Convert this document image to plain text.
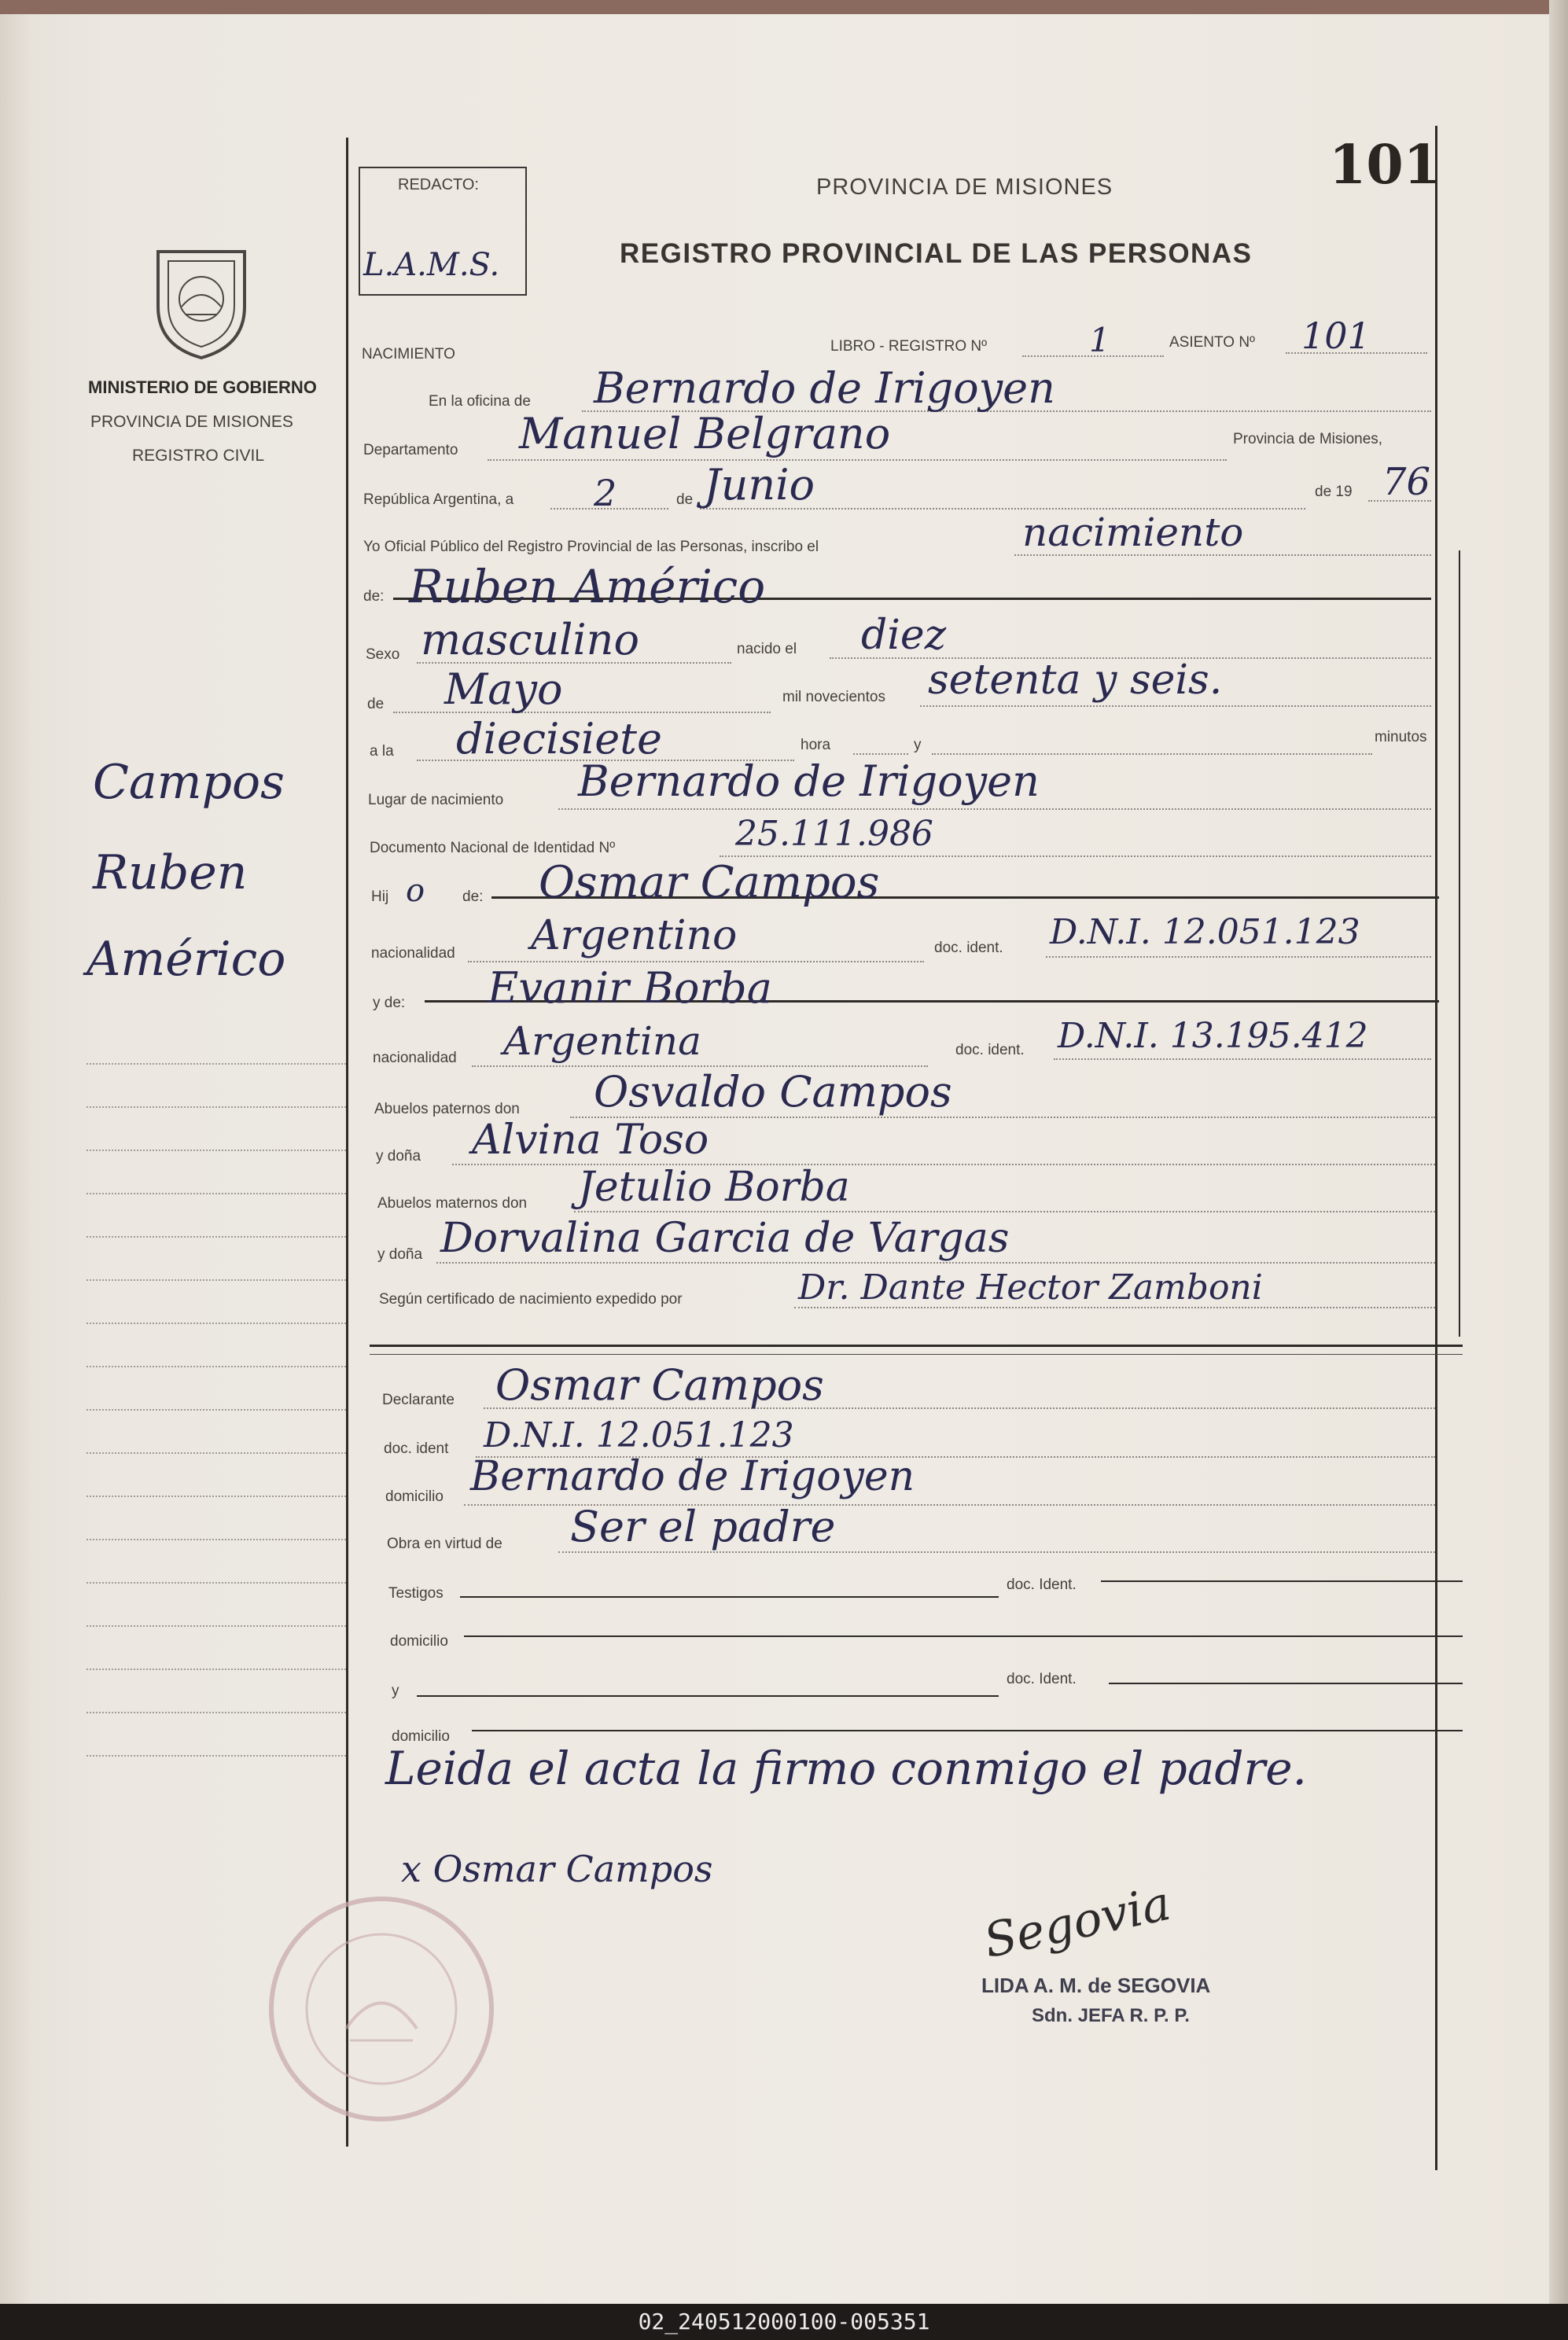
101
REDACTO:
L.A.M.S.
PROVINCIA DE MISIONES
REGISTRO PROVINCIAL DE LAS PERSONAS
MINISTERIO DE GOBIERNO
PROVINCIA DE MISIONES
REGISTRO CIVIL
Campos
Ruben
Américo
NACIMIENTO	LIBRO - REGISTRO Nº	1	ASIENTO Nº 101
En la oficina de Bernardo de Irigoyen
Departamento Manuel Belgrano	Provincia de Misiones,
República Argentina, a 2	de Junio	de 19 76
Yo Oficial Público del Registro Provincial de las Personas, inscribo el	nacimiento
de: Ruben Américo
Sexo masculino	nacido el diez
de Mayo	mil novecientos setenta y seis.
a la diecisiete	hora	y	minutos
Lugar de nacimiento Bernardo de Irigoyen
Documento Nacional de Identidad Nº	25.111.986
Hij o	de: Osmar Campos
nacionalidad Argentino	doc. ident. D.N.I. 12.051.123
y de: Evanir Borba
nacionalidad Argentina	doc. ident. D.N.I. 13.195.412
Abuelos paternos don Osvaldo Campos
y doña Alvina Toso
Abuelos maternos don Jetulio Borba
y doña Dorvalina Garcia de Vargas
Según certificado de nacimiento expedido por	Dr. Dante Hector Zamboni
Declarante Osmar Campos
doc. ident D.N.I. 12.051.123
domicilio Bernardo de Irigoyen
Obra en virtud de Ser el padre
Testigos
doc. Ident.
domicilio
y
doc. Ident.
domicilio
Leida el acta la firmo conmigo el padre.
x Osmar Campos
Segovia
LIDA A. M. de SEGOVIA
Sdn. JEFA R. P. P.
02_240512000100-005351
